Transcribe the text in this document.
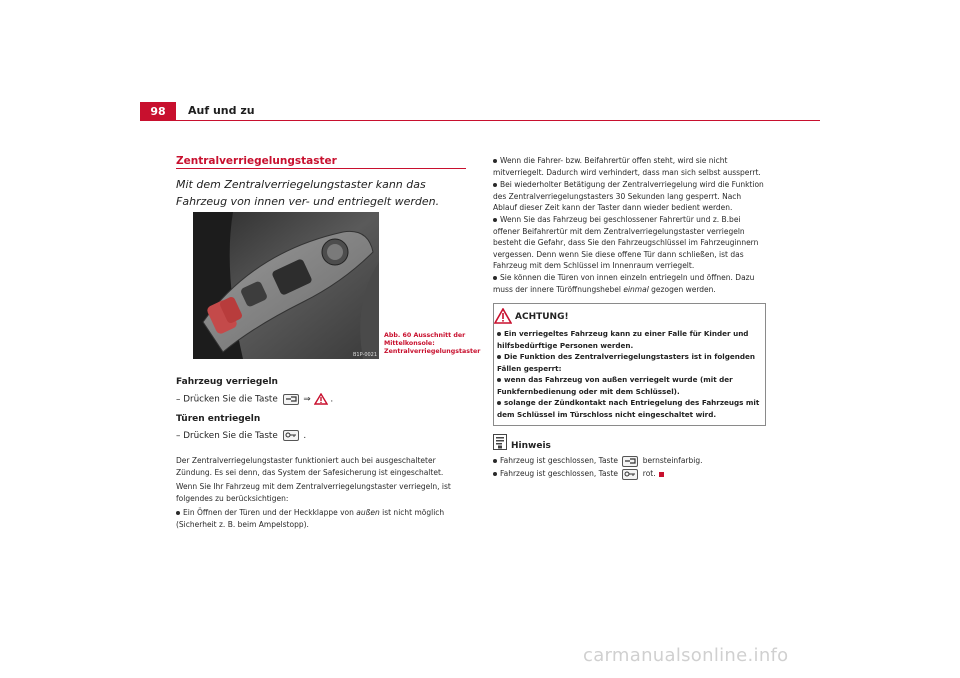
98	Auf und zu
Zentralverriegelungstaster
Mit dem Zentralverriegelungstaster kann das Fahrzeug von innen ver- und entriegelt werden.
B1P-0021
Abb. 60 Ausschnitt der Mittelkonsole: Zentralverriegelungstaster
Fahrzeug verriegeln
– Drücken Sie die Taste	⇒ .
Türen entriegeln
– Drücken Sie die Taste	.
Der Zentralverriegelungstaster funktioniert auch bei ausgeschalteter Zündung. Es sei denn, das System der Safesicherung ist eingeschaltet.
Wenn Sie Ihr Fahrzeug mit dem Zentralverriegelungstaster verriegeln, ist folgendes zu berücksichtigen:
Ein Öffnen der Türen und der Heckklappe von außen ist nicht möglich (Sicherheit z. B. beim Ampelstopp).
Wenn die Fahrer- bzw. Beifahrertür offen steht, wird sie nicht mitverriegelt. Dadurch wird verhindert, dass man sich selbst aussperrt.
Bei wiederholter Betätigung der Zentralverriegelung wird die Funktion des Zentralverriegelungstasters 30 Sekunden lang gesperrt. Nach Ablauf dieser Zeit kann der Taster dann wieder bedient werden.
Wenn Sie das Fahrzeug bei geschlossener Fahrertür und z. B.bei offener Beifahrertür mit dem Zentralverriegelungstaster verriegeln besteht die Gefahr, dass Sie den Fahrzeugschlüssel im Fahrzeuginnern vergessen. Denn wenn Sie diese offene Tür dann schließen, ist das Fahrzeug mit dem Schlüssel im Innenraum verriegelt.
Sie können die Türen von innen einzeln entriegeln und öffnen. Dazu muss der innere Türöffnungshebel einmal gezogen werden.
ACHTUNG!
Ein verriegeltes Fahrzeug kann zu einer Falle für Kinder und hilfsbedürftige Personen werden.
Die Funktion des Zentralverriegelungstasters ist in folgenden Fällen gesperrt:
wenn das Fahrzeug von außen verriegelt wurde (mit der Funkfernbedienung oder mit dem Schlüssel).
solange der Zündkontakt nach Entriegelung des Fahrzeugs mit dem Schlüssel im Türschloss nicht eingeschaltet wird.
Hinweis
Fahrzeug ist geschlossen, Taste	bernsteinfarbig.
Fahrzeug ist geschlossen, Taste	rot.
carmanualsonline.info
